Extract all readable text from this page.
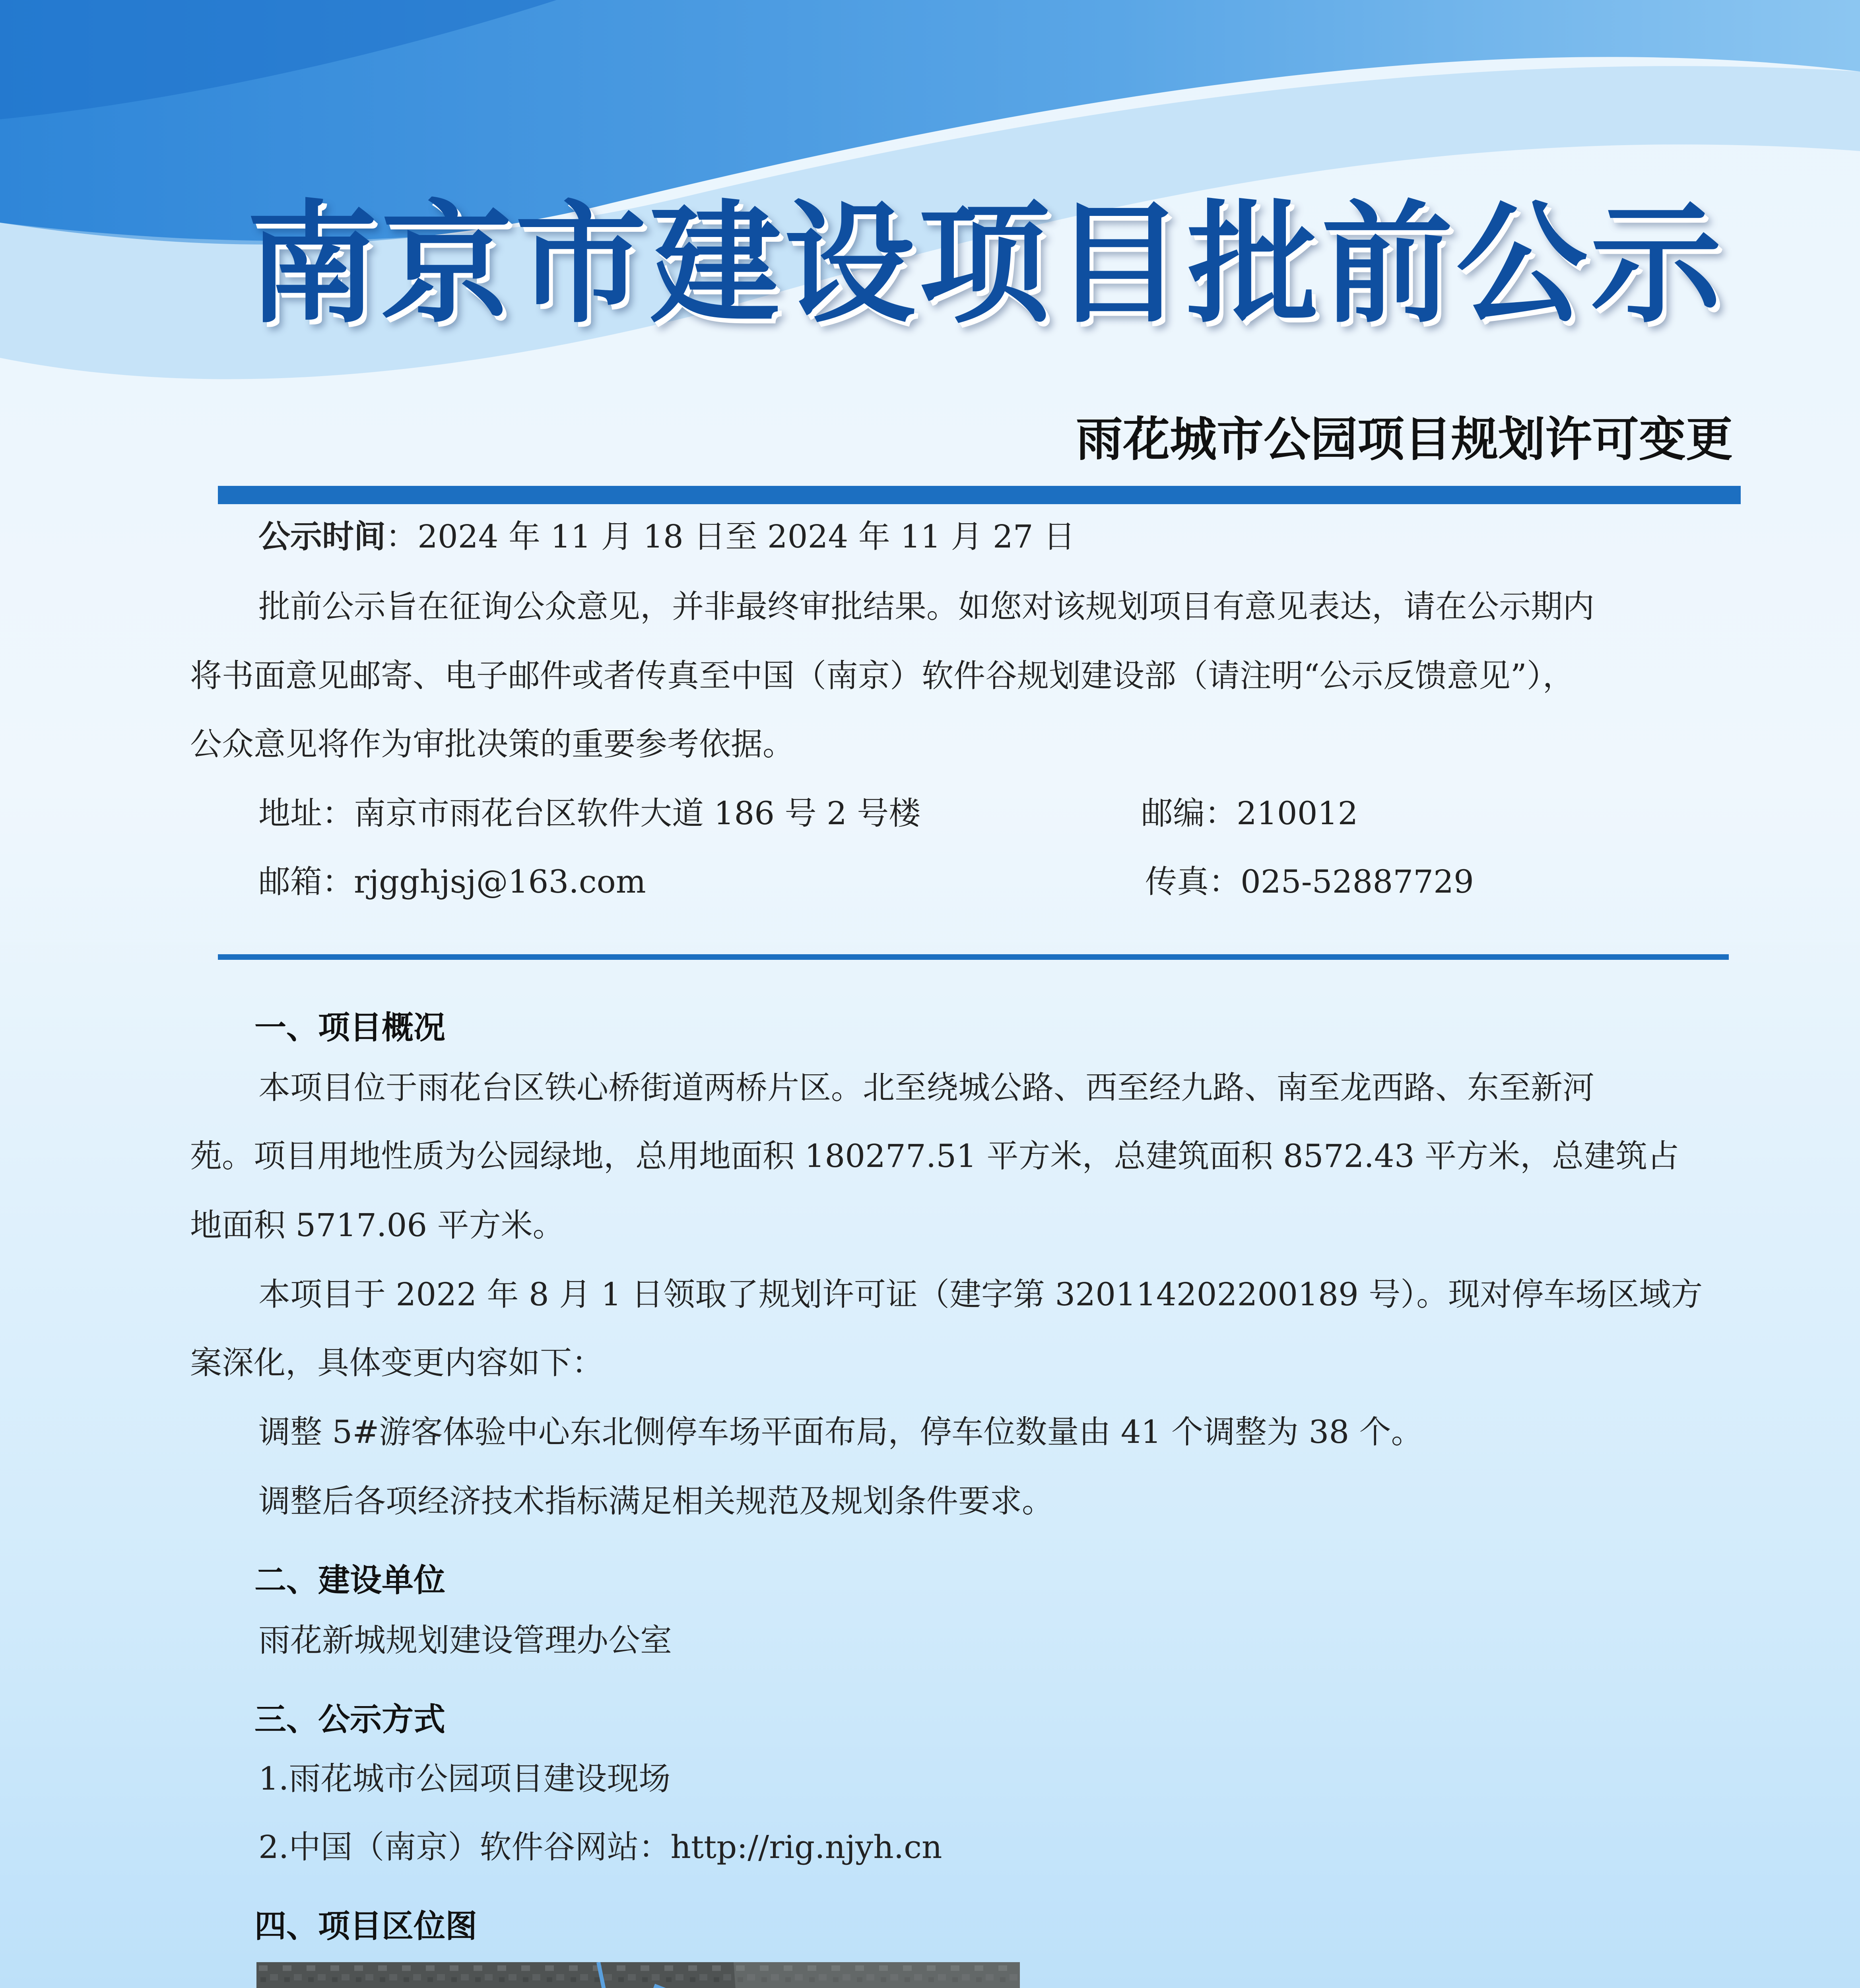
南京市建设项目批前公示
雨花城市公园项目规划许可变更
公示时间：2024 年 11 月 18 日至 2024 年 11 月 27 日
批前公示旨在征询公众意见，并非最终审批结果。如您对该规划项目有意见表达，请在公示期内
将书面意见邮寄、电子邮件或者传真至中国（南京）软件谷规划建设部（请注明“公示反馈意见”），
公众意见将作为审批决策的重要参考依据。
地址：南京市雨花台区软件大道 186 号 2 号楼	邮编：210012
邮箱：rjgghjsj@163.com	传真：025-52887729
一、项目概况
本项目位于雨花台区铁心桥街道两桥片区。北至绕城公路、西至经九路、南至龙西路、东至新河
苑。项目用地性质为公园绿地，总用地面积 180277.51 平方米，总建筑面积 8572.43 平方米，总建筑占
地面积 5717.06 平方米。
本项目于 2022 年 8 月 1 日领取了规划许可证（建字第 320114202200189 号）。现对停车场区域方
案深化，具体变更内容如下：
调整 5#游客体验中心东北侧停车场平面布局，停车位数量由 41 个调整为 38 个。
调整后各项经济技术指标满足相关规范及规划条件要求。
二、建设单位
雨花新城规划建设管理办公室
三、公示方式
1.雨花城市公园项目建设现场
2.中国（南京）软件谷网站：http://rig.njyh.cn
四、项目区位图
